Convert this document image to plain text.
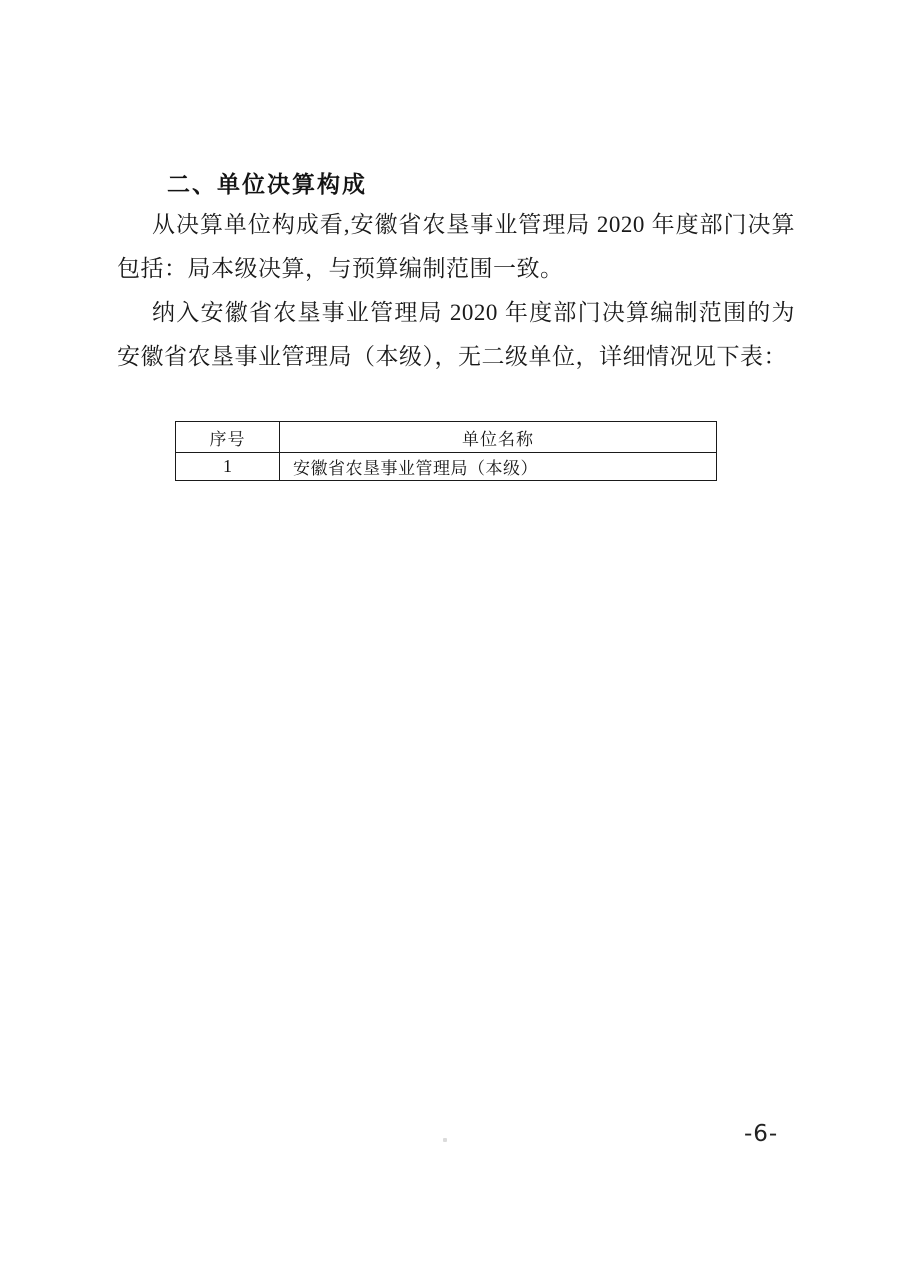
二、单位决算构成

从决算单位构成看,安徽省农垦事业管理局 2020 年度部门决算包括：局本级决算，与预算编制范围一致。

纳入安徽省农垦事业管理局 2020 年度部门决算编制范围的为安徽省农垦事业管理局（本级），无二级单位，详细情况见下表：

序号	单位名称
1	安徽省农垦事业管理局（本级）
-6-
